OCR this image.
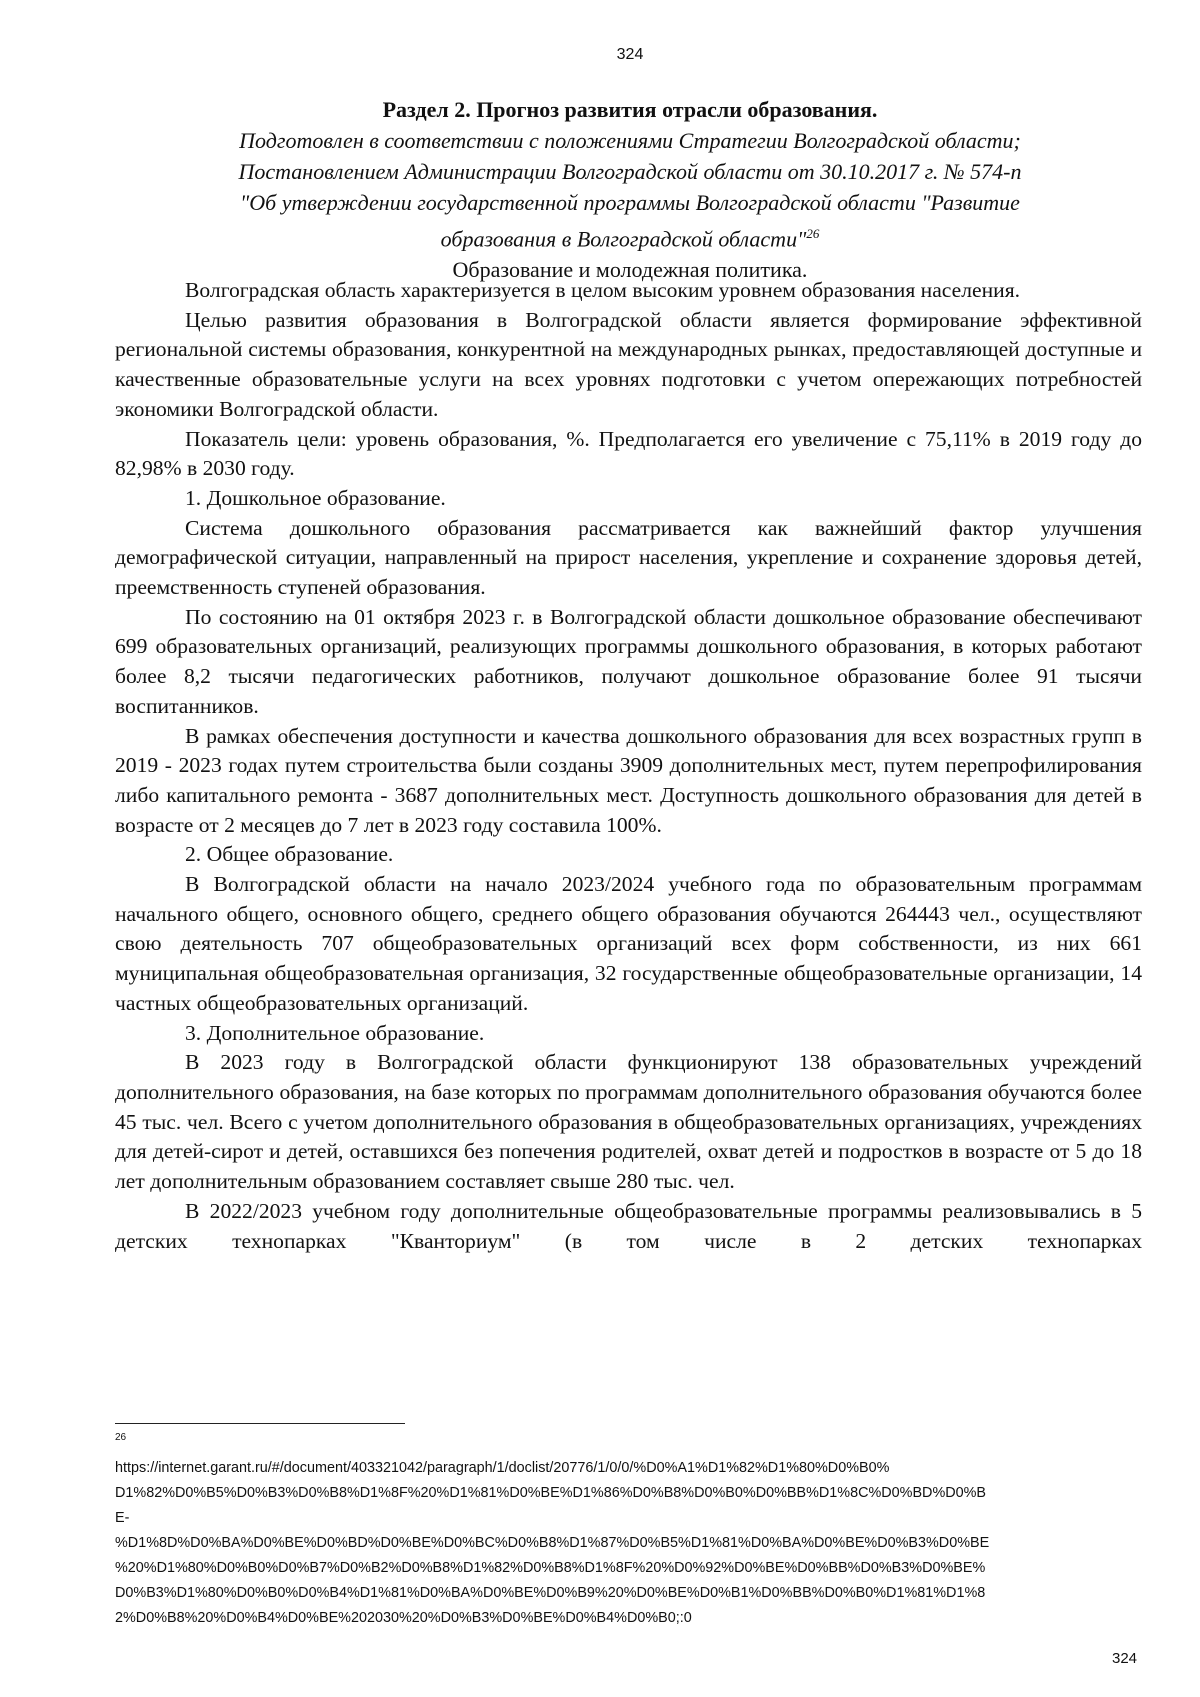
324
Раздел 2. Прогноз развития отрасли образования.
Подготовлен в соответствии с положениями Стратегии Волгоградской области;
Постановлением Администрации Волгоградской области от 30.10.2017 г. № 574-п
"Об утверждении государственной программы Волгоградской области "Развитие
образования в Волгоградской области"$^{26}$
Образование и молодежная политика.

Волгоградская область характеризуется в целом высоким уровнем образования населения.

Целью развития образования в Волгоградской области является формирование эффективной региональной системы образования, конкурентной на международных рынках, предоставляющей доступные и качественные образовательные услуги на всех уровнях подготовки с учетом опережающих потребностей экономики Волгоградской области.

Показатель цели: уровень образования, %. Предполагается его увеличение с 75,11% в 2019 году до 82,98% в 2030 году.

1. Дошкольное образование.

Система дошкольного образования рассматривается как важнейший фактор улучшения демографической ситуации, направленный на прирост населения, укрепление и сохранение здоровья детей, преемственность ступеней образования.

По состоянию на 01 октября 2023 г. в Волгоградской области дошкольное образование обеспечивают 699 образовательных организаций, реализующих программы дошкольного образования, в которых работают более 8,2 тысячи педагогических работников, получают дошкольное образование более 91 тысячи воспитанников.

В рамках обеспечения доступности и качества дошкольного образования для всех возрастных групп в 2019 - 2023 годах путем строительства были созданы 3909 дополнительных мест, путем перепрофилирования либо капитального ремонта - 3687 дополнительных мест. Доступность дошкольного образования для детей в возрасте от 2 месяцев до 7 лет в 2023 году составила 100%.

2. Общее образование.

В Волгоградской области на начало 2023/2024 учебного года по образовательным программам начального общего, основного общего, среднего общего образования обучаются 264443 чел., осуществляют свою деятельность 707 общеобразовательных организаций всех форм собственности, из них 661 муниципальная общеобразовательная организация, 32 государственные общеобразовательные организации, 14 частных общеобразовательных организаций.

3. Дополнительное образование.

В 2023 году в Волгоградской области функционируют 138 образовательных учреждений дополнительного образования, на базе которых по программам дополнительного образования обучаются более 45 тыс. чел. Всего с учетом дополнительного образования в общеобразовательных организациях, учреждениях для детей-сирот и детей, оставшихся без попечения родителей, охват детей и подростков в возрасте от 5 до 18 лет дополнительным образованием составляет свыше 280 тыс. чел.

В 2022/2023 учебном году дополнительные общеобразовательные программы реализовывались в 5 детских технопарках "Кванториум" (в том числе в 2 детских технопарках

26
https://internet.garant.ru/#/document/403321042/paragraph/1/doclist/20776/1/0/0/%D0%A1%D1%82%D1%80%D0%B0%
D1%82%D0%B5%D0%B3%D0%B8%D1%8F%20%D1%81%D0%BE%D1%86%D0%B8%D0%B0%D0%BB%D1%8C%D0%BD%D0%B
E-
%D1%8D%D0%BA%D0%BE%D0%BD%D0%BE%D0%BC%D0%B8%D1%87%D0%B5%D1%81%D0%BA%D0%BE%D0%B3%D0%BE
%20%D1%80%D0%B0%D0%B7%D0%B2%D0%B8%D1%82%D0%B8%D1%8F%20%D0%92%D0%BE%D0%BB%D0%B3%D0%BE%
D0%B3%D1%80%D0%B0%D0%B4%D1%81%D0%BA%D0%BE%D0%B9%20%D0%BE%D0%B1%D0%BB%D0%B0%D1%81%D1%8
2%D0%B8%20%D0%B4%D0%BE%202030%20%D0%B3%D0%BE%D0%B4%D0%B0;:0
324
